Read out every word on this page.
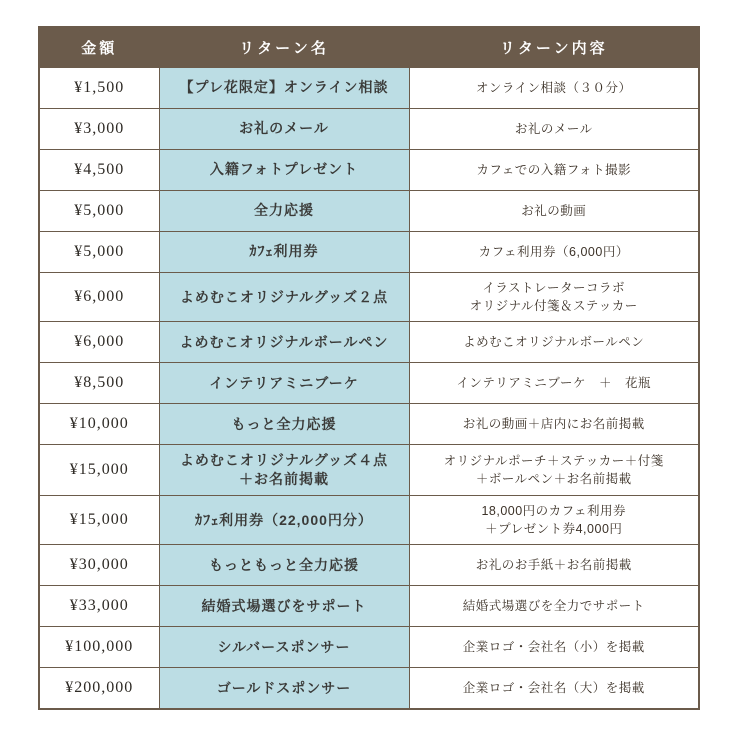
金額	リターン名	リターン内容
¥1,500	【プレ花限定】オンライン相談	オンライン相談（３０分）

¥3,000	お礼のメール	お礼のメール

¥4,500	入籍フォトプレゼント	カフェでの入籍フォト撮影

¥5,000	全力応援	お礼の動画

¥5,000	ｶﾌｪ利用券	カフェ利用券（6,000円）

¥6,000	よめむこオリジナルグッズ２点	イラストレーターコラボ
オリジナル付箋＆ステッカー

¥6,000	よめむこオリジナルボールペン	よめむこオリジナルボールペン

¥8,500	インテリアミニブーケ	インテリアミニブーケ　＋　花瓶

¥10,000	もっと全力応援	お礼の動画＋店内にお名前掲載

¥15,000	よめむこオリジナルグッズ４点
＋お名前掲載	オリジナルポーチ＋ステッカー＋付箋
＋ボールペン＋お名前掲載

¥15,000	ｶﾌｪ利用券（22,000円分）	18,000円のカフェ利用券
＋プレゼント券4,000円

¥30,000	もっともっと全力応援	お礼のお手紙＋お名前掲載

¥33,000	結婚式場選びをサポート	結婚式場選びを全力でサポート

¥100,000	シルバースポンサー	企業ロゴ・会社名（小）を掲載

¥200,000	ゴールドスポンサー	企業ロゴ・会社名（大）を掲載
